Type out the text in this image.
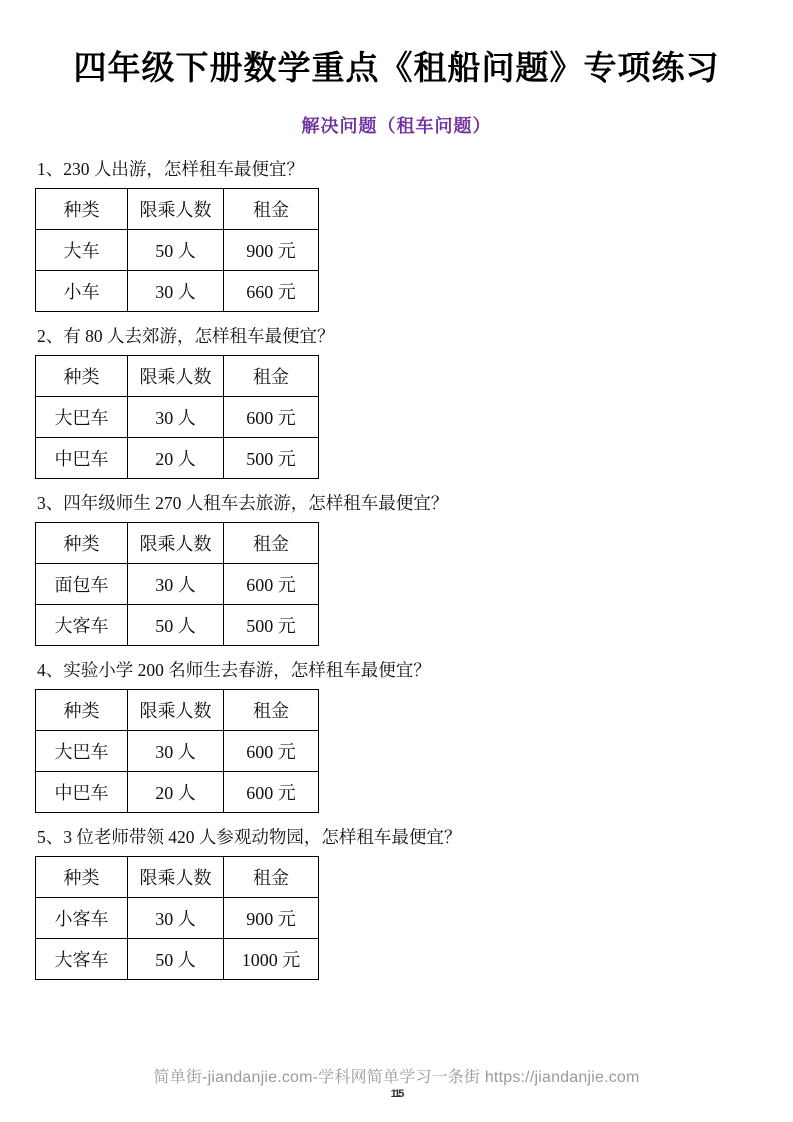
四年级下册数学重点《租船问题》专项练习
解决问题（租车问题）
1、230 人出游，怎样租车最便宜？
种类	限乘人数	租金
大车	50 人	900 元
小车	30 人	660 元
2、有 80 人去郊游，怎样租车最便宜？
种类	限乘人数	租金
大巴车	30 人	600 元
中巴车	20 人	500 元
3、四年级师生 270 人租车去旅游，怎样租车最便宜？
种类	限乘人数	租金
面包车	30 人	600 元
大客车	50 人	500 元
4、实验小学 200 名师生去春游，怎样租车最便宜？
种类	限乘人数	租金
大巴车	30 人	600 元
中巴车	20 人	600 元
5、3 位老师带领 420 人参观动物园，怎样租车最便宜？
种类	限乘人数	租金
小客车	30 人	900 元
大客车	50 人	1000 元
简单街-jiandanjie.com-学科网简单学习一条街 https://jiandanjie.com
115
